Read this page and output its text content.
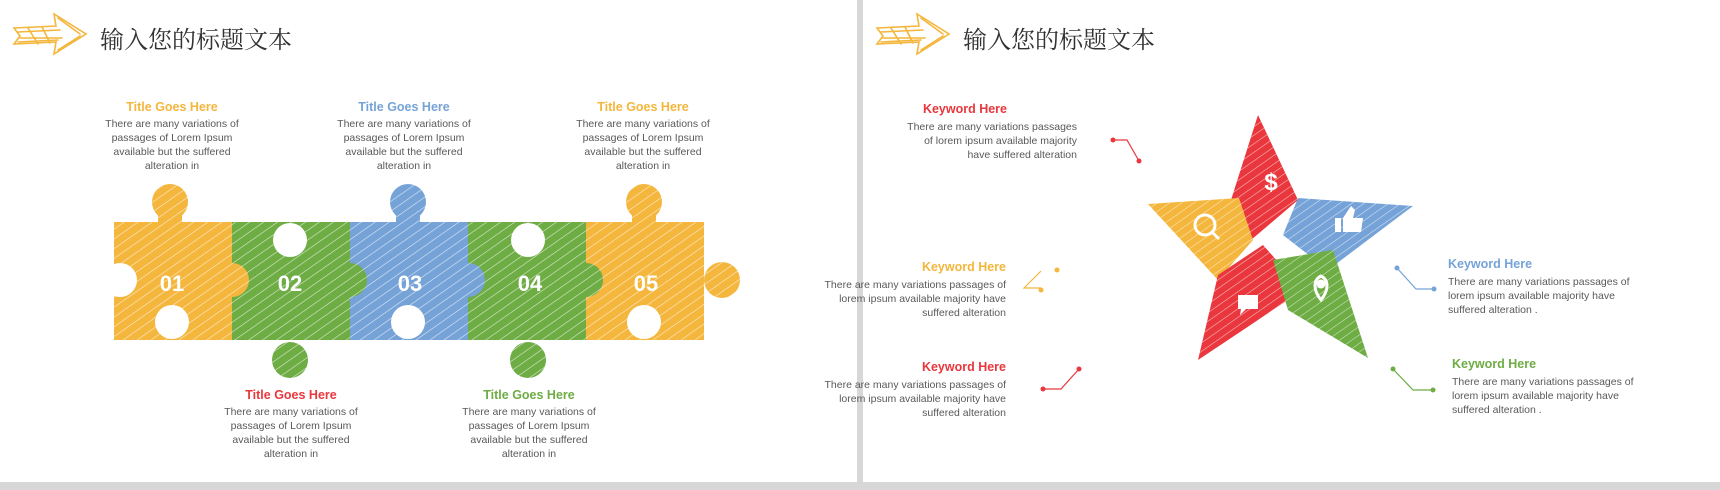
输入您的标题文本
Title Goes Here
There are many variations of passages of Lorem Ipsum available but the suffered alteration in
Title Goes Here
There are many variations of passages of Lorem Ipsum available but the suffered alteration in
Title Goes Here
There are many variations of passages of Lorem Ipsum available but the suffered alteration in
01	02	03	04	05
Title Goes Here
There are many variations of passages of Lorem Ipsum available but the suffered alteration in
Title Goes Here
There are many variations of passages of Lorem Ipsum available but the suffered alteration in
输入您的标题文本
$
Keyword Here
There are many variations passages of lorem ipsum available majority have suffered alteration
Keyword Here
There are many variations passages of lorem ipsum available majority have suffered alteration
Keyword Here
There are many variations passages of lorem ipsum available majority have suffered alteration
Keyword Here
There are many variations passages of lorem ipsum available majority have suffered alteration .
Keyword Here
There are many variations passages of lorem ipsum available majority have suffered alteration .
